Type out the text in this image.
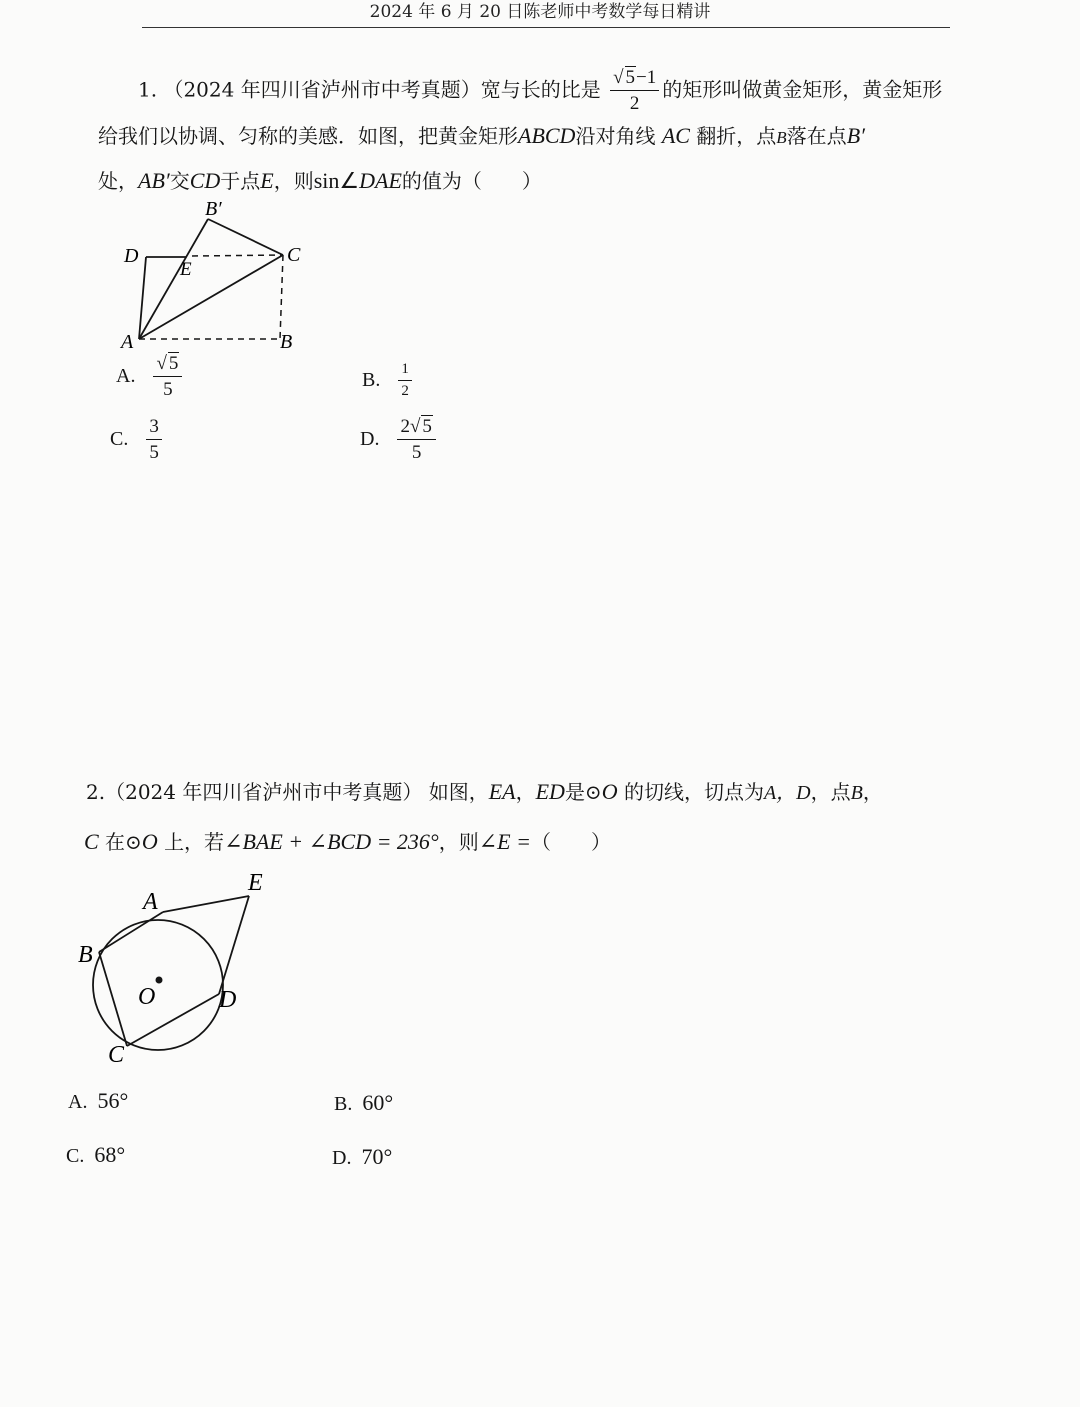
2024 年 6 月 20 日陈老师中考数学每日精讲
1. （2024 年四川省泸州市中考真题）宽与长的比是 $\frac{√ 5-1}{2}$ 的矩形叫做黄金矩形，黄金矩形
给我们以协调、匀称的美感．如图，把黄金矩形ABCD沿对角线 AC 翻折，点B落在点B′
处，AB′交CD于点E，则sin∠DAE的值为（　　）
B′
D
E
C
A	B
A. $\frac{√ 5}{5}$	B. $\frac{1}{2}$
C. $\frac{3}{5}$	D. $\frac{2√ 5}{5}$
2.（2024 年四川省泸州市中考真题） 如图，EA，ED是⊙O 的切线，切点为A，D，点B，
C 在⊙O 上，若∠BAE + ∠BCD = 236°，则∠E =（　　）
A
E
B
O	D
C
A. 56°	B. 60°
C. 68°	D. 70°
